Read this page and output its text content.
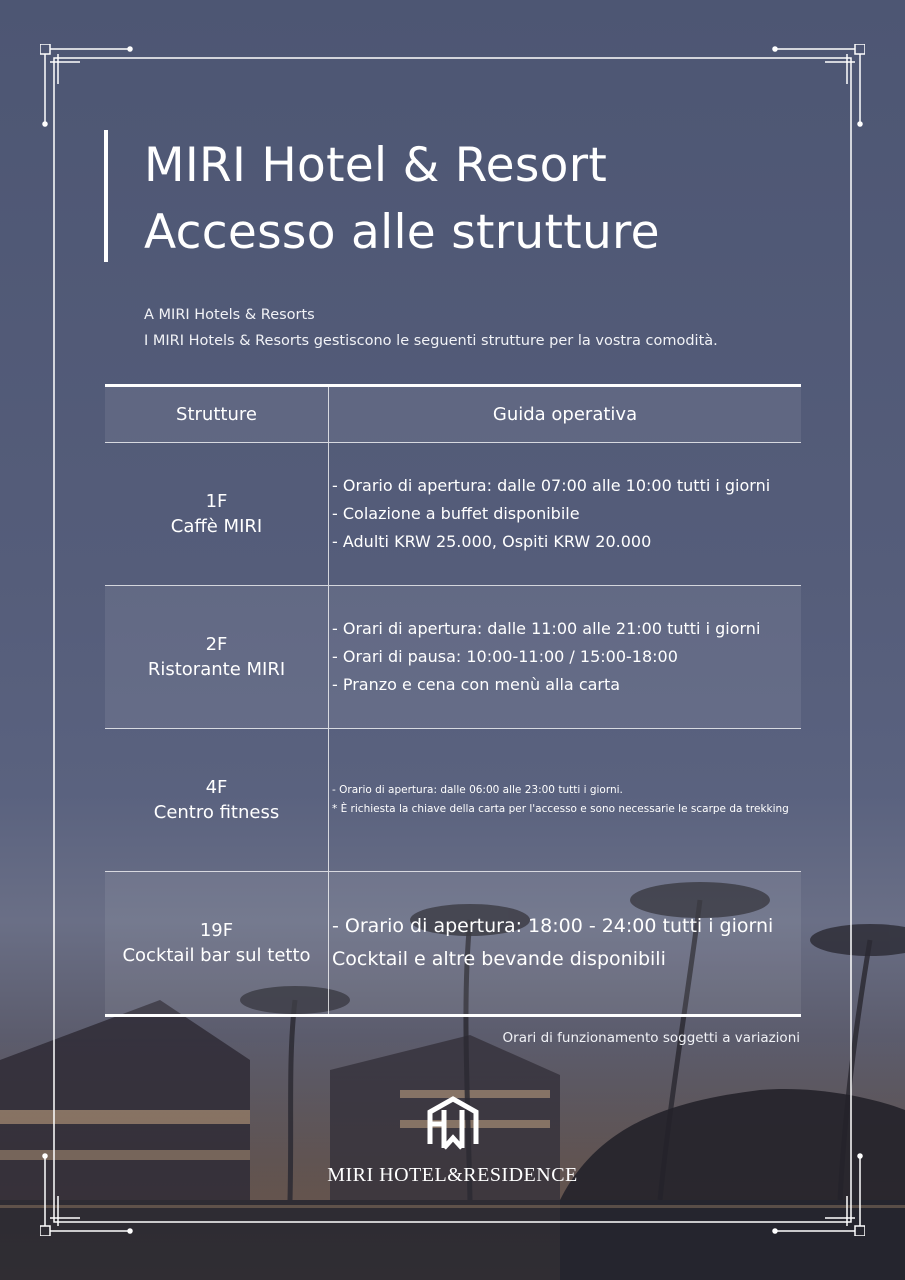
MIRI Hotel & Resort
Accesso alle strutture
A MIRI Hotels & Resorts
I MIRI Hotels & Resorts gestiscono le seguenti strutture per la vostra comodità.
Strutture	Guida operativa
1F
Caffè MIRI
- Orario di apertura: dalle 07:00 alle 10:00 tutti i giorni
- Colazione a buffet disponibile
- Adulti KRW 25.000, Ospiti KRW 20.000
2F
Ristorante MIRI
- Orari di apertura: dalle 11:00 alle 21:00 tutti i giorni
- Orari di pausa: 10:00-11:00 / 15:00-18:00
- Pranzo e cena con menù alla carta
4F
Centro fitness
- Orario di apertura: dalle 06:00 alle 23:00 tutti i giorni.
* È richiesta la chiave della carta per l'accesso e sono necessarie le scarpe da trekking
19F
Cocktail bar sul tetto
- Orario di apertura: 18:00 - 24:00 tutti i giorni
Cocktail e altre bevande disponibili
Orari di funzionamento soggetti a variazioni
MIRI HOTEL&RESIDENCE
